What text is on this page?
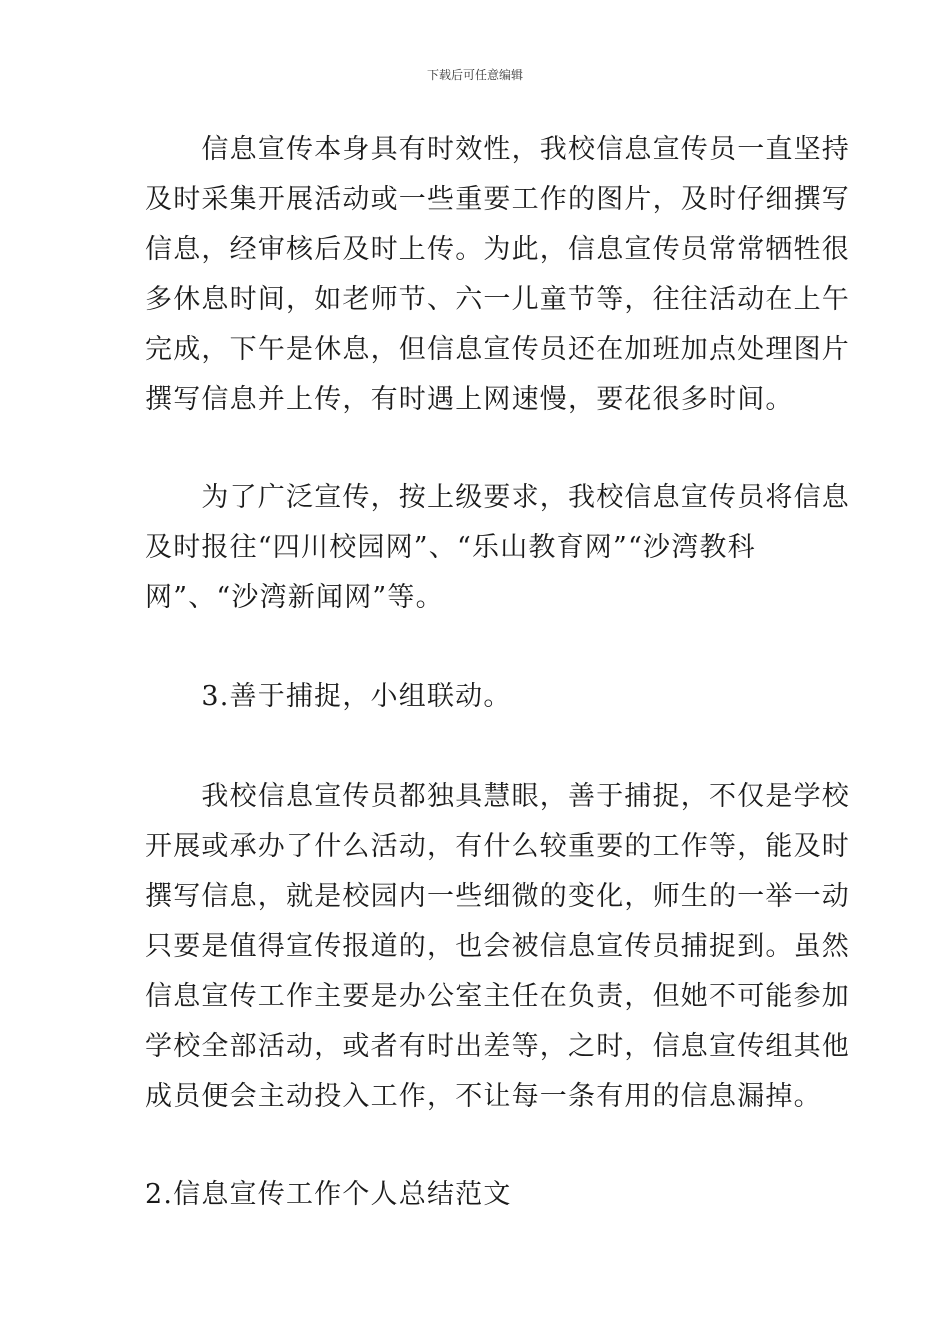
下载后可任意编辑
　　信息宣传本身具有时效性，我校信息宣传员一直坚持
及时采集开展活动或一些重要工作的图片，及时仔细撰写
信息，经审核后及时上传。为此，信息宣传员常常牺牲很
多休息时间，如老师节、六一儿童节等，往往活动在上午
完成，下午是休息，但信息宣传员还在加班加点处理图片
撰写信息并上传，有时遇上网速慢，要花很多时间。
　　为了广泛宣传，按上级要求，我校信息宣传员将信息
及时报往“四川校园网”、“乐山教育网”“沙湾教科
网”、“沙湾新闻网”等。
　　3.善于捕捉，小组联动。
　　我校信息宣传员都独具慧眼，善于捕捉，不仅是学校
开展或承办了什么活动，有什么较重要的工作等，能及时
撰写信息，就是校园内一些细微的变化，师生的一举一动
只要是值得宣传报道的，也会被信息宣传员捕捉到。虽然
信息宣传工作主要是办公室主任在负责，但她不可能参加
学校全部活动，或者有时出差等，之时，信息宣传组其他
成员便会主动投入工作，不让每一条有用的信息漏掉。
2.信息宣传工作个人总结范文
